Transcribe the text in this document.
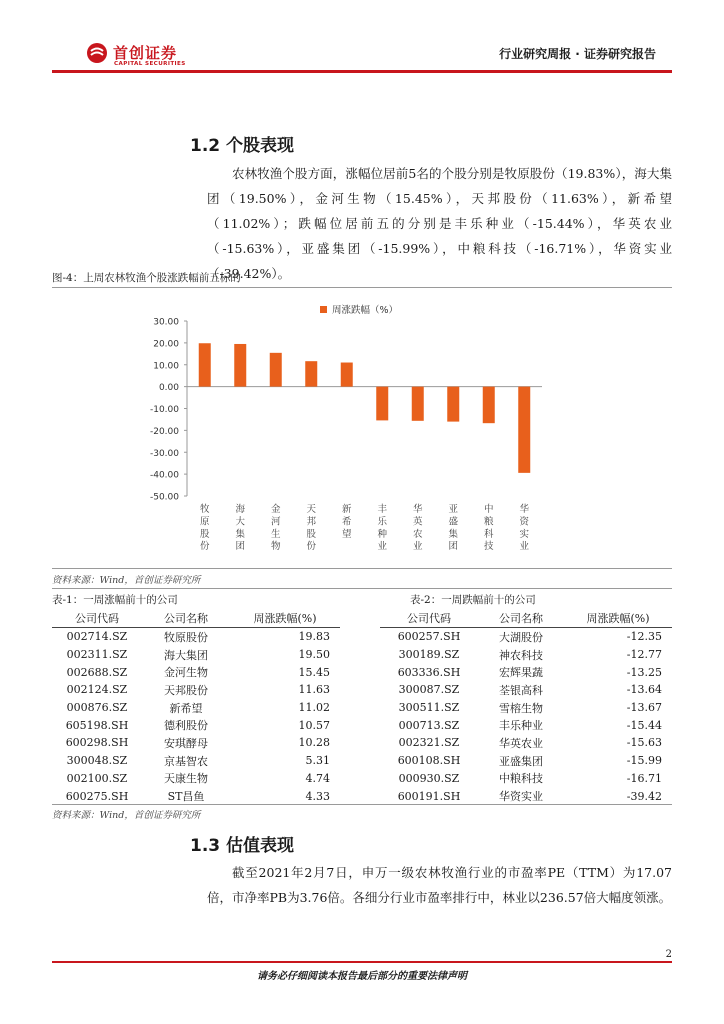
首创证券
CAPITAL SECURITIES
行业研究周报 · 证券研究报告
1.2 个股表现

农林牧渔个股方面，涨幅位居前5名的个股分别是牧原股份（19.83%），海大集团（19.50%），金河生物（15.45%），天邦股份（11.63%），新希望（11.02%）；跌幅位居前五的分别是丰乐种业（-15.44%），华英农业（-15.63%），亚盛集团（-15.99%），中粮科技（-16.71%），华资实业（-39.42%）。

图-4：上周农林牧渔个股涨跌幅前五标的
周涨跌幅（%）
30.00
20.00
10.00
0.00
-10.00
-20.00
-30.00
-40.00
-50.00
牧原股份
海大集团
金河生物
天邦股份
新希望
丰乐种业
华英农业
亚盛集团
中粮科技
华资实业
资料来源：Wind，首创证券研究所
表-1：一周涨幅前十的公司	表-2：一周跌幅前十的公司
公司代码	公司名称	周涨跌幅(%)
002714.SZ	牧原股份	19.83
002311.SZ	海大集团	19.50
002688.SZ	金河生物	15.45
002124.SZ	天邦股份	11.63
000876.SZ	新希望	11.02
605198.SH	德利股份	10.57
600298.SH	安琪酵母	10.28
300048.SZ	京基智农	5.31
002100.SZ	天康生物	4.74
600275.SH	ST昌鱼	4.33
公司代码	公司名称	周涨跌幅(%)
600257.SH	大湖股份	-12.35
300189.SZ	神农科技	-12.77
603336.SH	宏辉果蔬	-13.25
300087.SZ	荃银高科	-13.64
300511.SZ	雪榕生物	-13.67
000713.SZ	丰乐种业	-15.44
002321.SZ	华英农业	-15.63
600108.SH	亚盛集团	-15.99
000930.SZ	中粮科技	-16.71
600191.SH	华资实业	-39.42
资料来源：Wind，首创证券研究所
1.3 估值表现

截至2021年2月7日，申万一级农林牧渔行业的市盈率PE（TTM）为17.07倍，市净率PB为3.76倍。各细分行业市盈率排行中，林业以236.57倍大幅度领涨。

2
请务必仔细阅读本报告最后部分的重要法律声明
